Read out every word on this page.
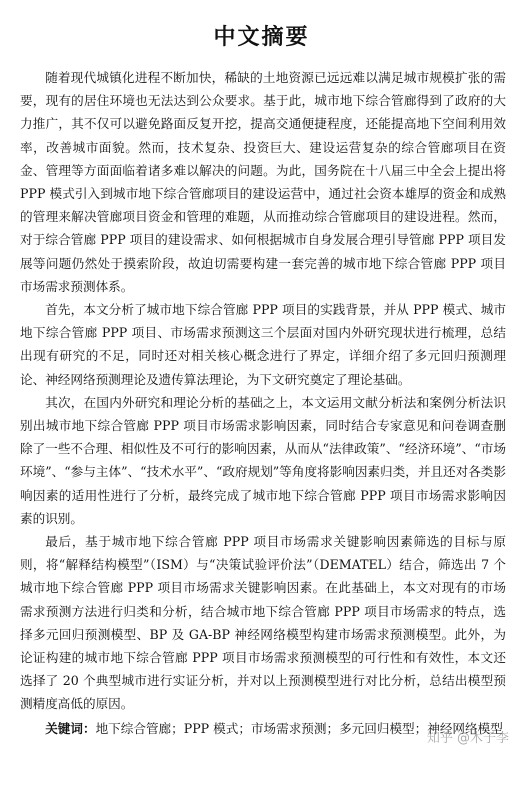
中文摘要

随着现代城镇化进程不断加快，稀缺的土地资源已远远难以满足城市规模扩张的需要，现有的居住环境也无法达到公众要求。基于此，城市地下综合管廊得到了政府的大力推广，其不仅可以避免路面反复开挖，提高交通便捷程度，还能提高地下空间利用效率，改善城市面貌。然而，技术复杂、投资巨大、建设运营复杂的综合管廊项目在资金、管理等方面面临着诸多难以解决的问题。为此，国务院在十八届三中全会上提出将 PPP 模式引入到城市地下综合管廊项目的建设运营中，通过社会资本雄厚的资金和成熟的管理来解决管廊项目资金和管理的难题，从而推动综合管廊项目的建设进程。然而，对于综合管廊 PPP 项目的建设需求、如何根据城市自身发展合理引导管廊 PPP 项目发展等问题仍然处于摸索阶段，故迫切需要构建一套完善的城市地下综合管廊 PPP 项目市场需求预测体系。

首先，本文分析了城市地下综合管廊 PPP 项目的实践背景，并从 PPP 模式、城市地下综合管廊 PPP 项目、市场需求预测这三个层面对国内外研究现状进行梳理，总结出现有研究的不足，同时还对相关核心概念进行了界定，详细介绍了多元回归预测理论、神经网络预测理论及遗传算法理论，为下文研究奠定了理论基础。

其次，在国内外研究和理论分析的基础之上，本文运用文献分析法和案例分析法识别出城市地下综合管廊 PPP 项目市场需求影响因素，同时结合专家意见和问卷调查删除了一些不合理、相似性及不可行的影响因素，从而从“法律政策”、“经济环境”、“市场环境”、“参与主体”、“技术水平”、“政府规划”等角度将影响因素归类，并且还对各类影响因素的适用性进行了分析，最终完成了城市地下综合管廊 PPP 项目市场需求影响因素的识别。

最后，基于城市地下综合管廊 PPP 项目市场需求关键影响因素筛选的目标与原则，将“解释结构模型”（ISM）与“决策试验评价法”（DEMATEL）结合，筛选出 7 个城市地下综合管廊 PPP 项目市场需求关键影响因素。在此基础上，本文对现有的市场需求预测方法进行归类和分析，结合城市地下综合管廊 PPP 项目市场需求的特点，选择多元回归预测模型、BP 及 GA-BP 神经网络模型构建市场需求预测模型。此外，为论证构建的城市地下综合管廊 PPP 项目市场需求预测模型的可行性和有效性，本文还选择了 20 个典型城市进行实证分析，并对以上预测模型进行对比分析，总结出模型预测精度高低的原因。

关键词：地下综合管廊；PPP 模式；市场需求预测；多元回归模型；神经网络模型

知乎 @木子李
